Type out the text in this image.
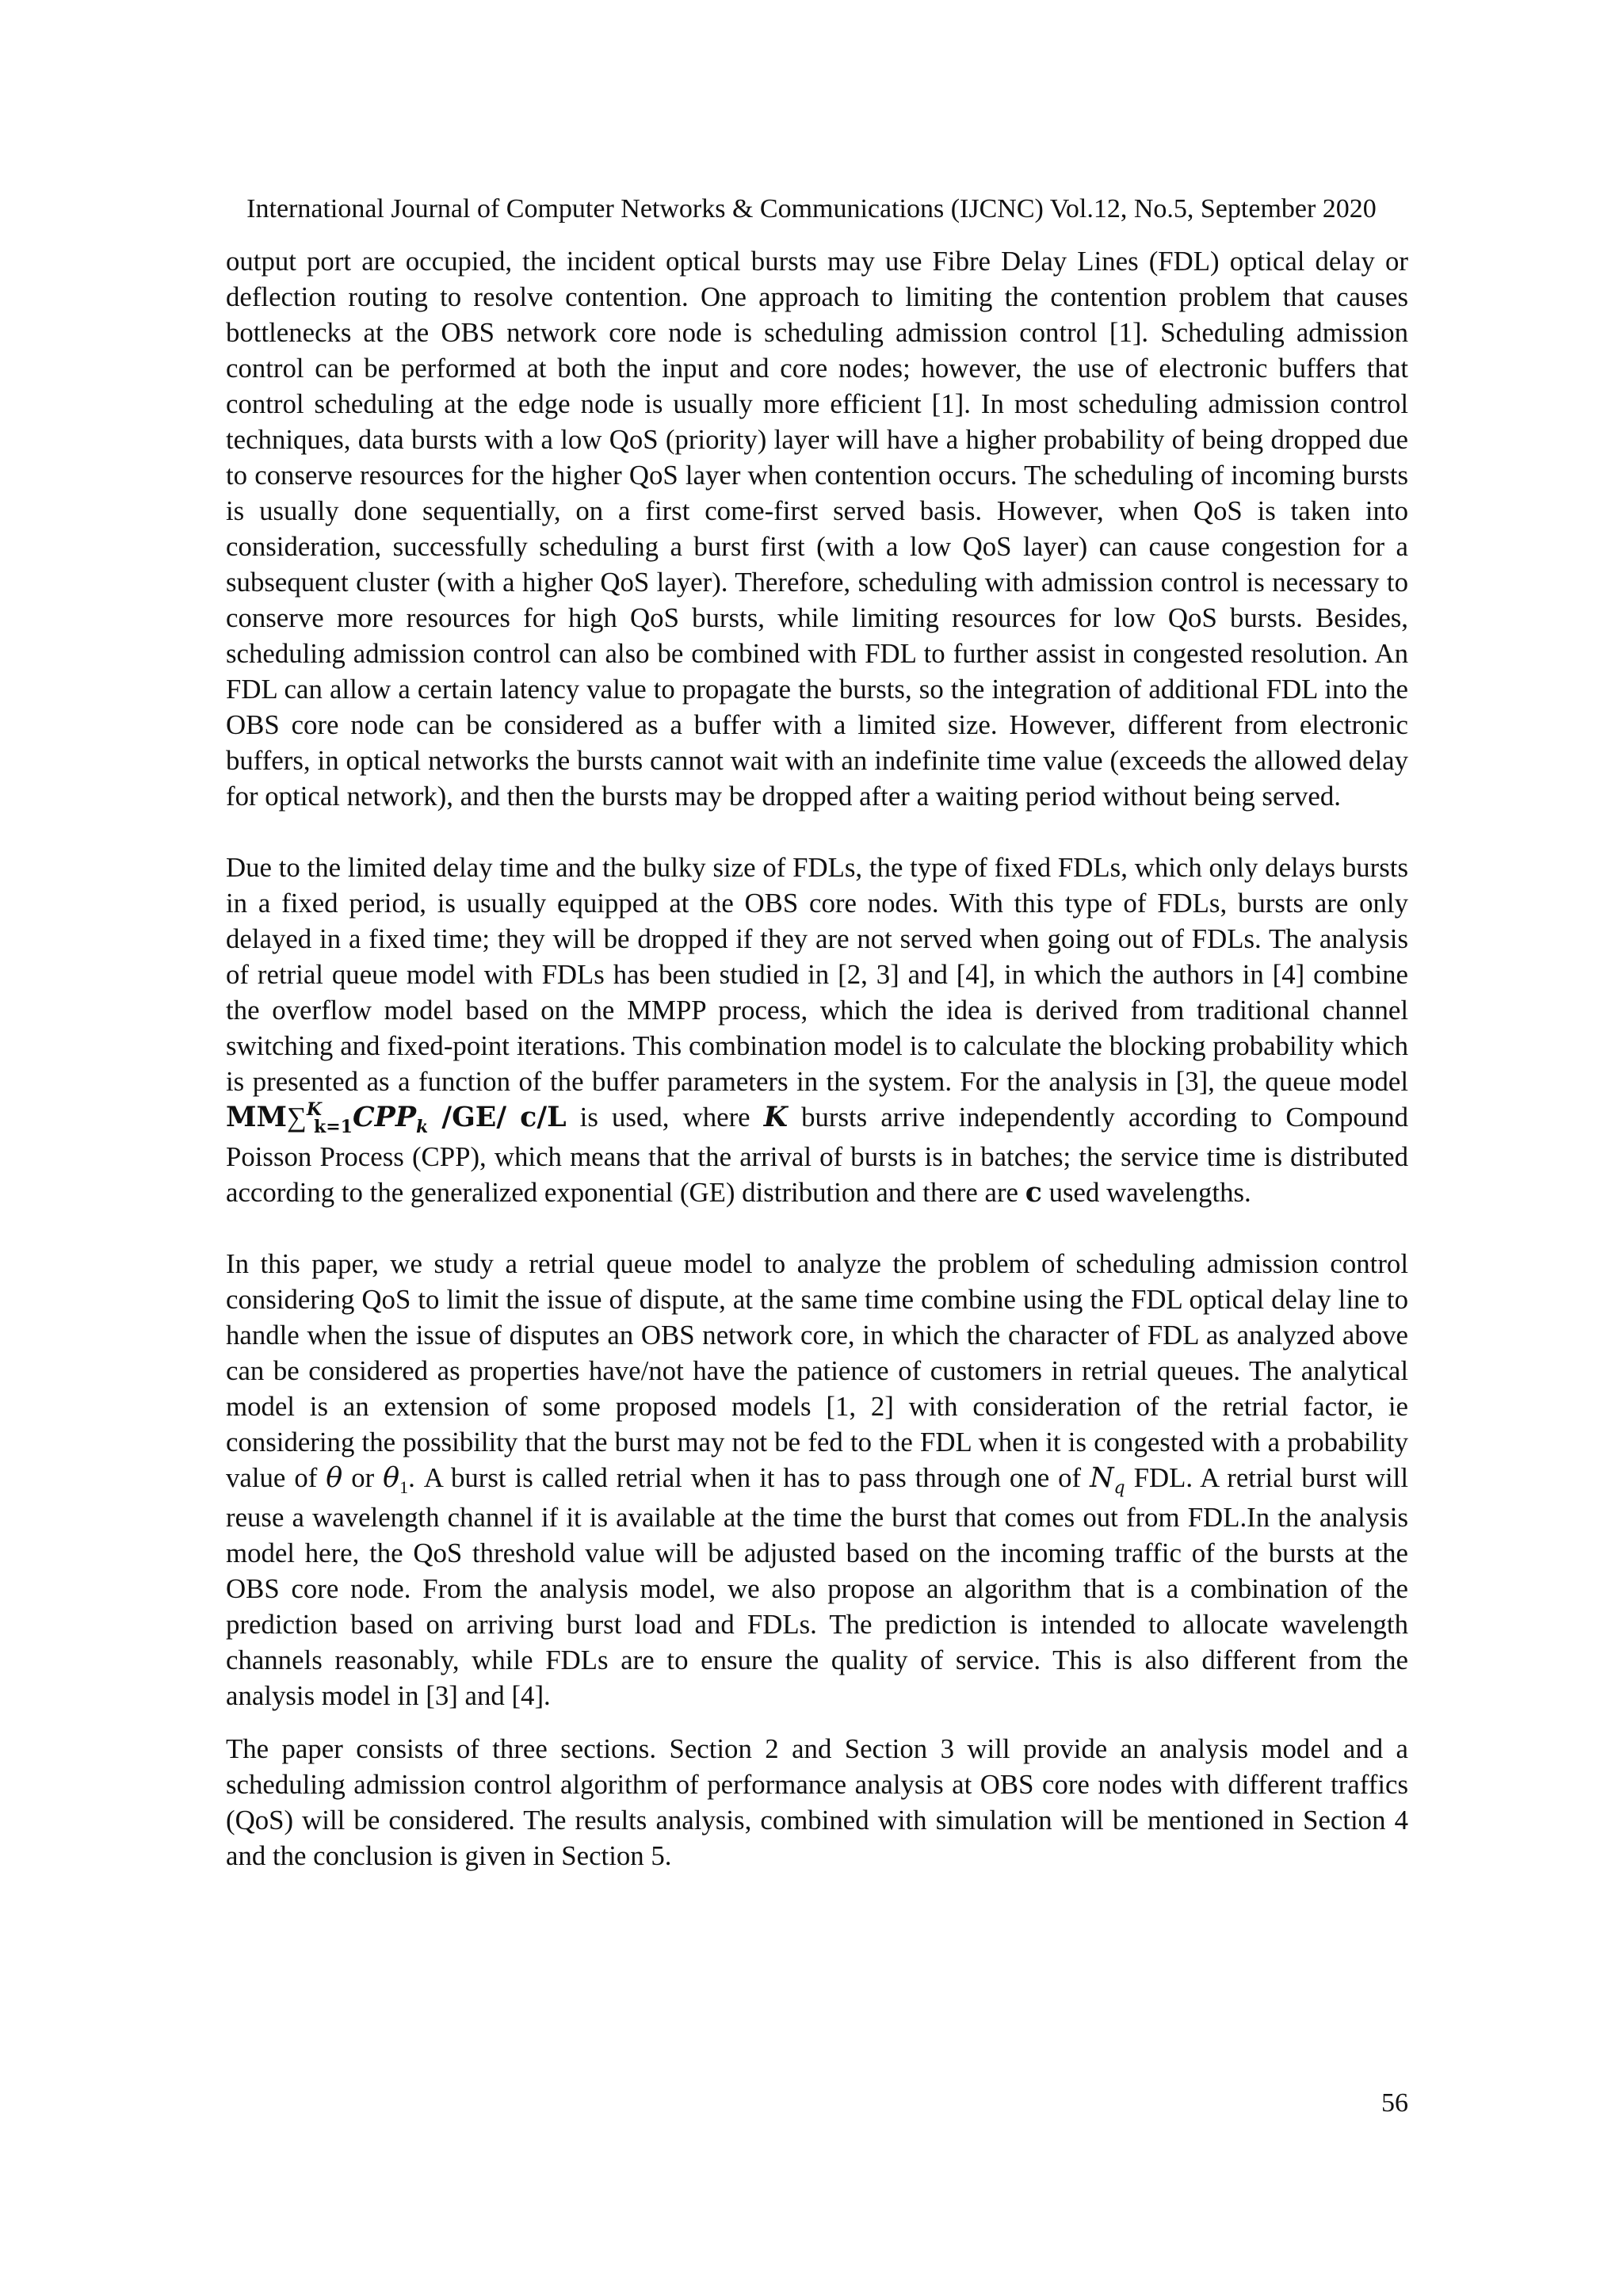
International Journal of Computer Networks & Communications (IJCNC) Vol.12, No.5, September 2020

output port are occupied, the incident optical bursts may use Fibre Delay Lines (FDL) optical delay or deflection routing to resolve contention. One approach to limiting the contention problem that causes bottlenecks at the OBS network core node is scheduling admission control [1]. Scheduling admission control can be performed at both the input and core nodes; however, the use of electronic buffers that control scheduling at the edge node is usually more efficient [1]. In most scheduling admission control techniques, data bursts with a low QoS (priority) layer will have a higher probability of being dropped due to conserve resources for the higher QoS layer when contention occurs. The scheduling of incoming bursts is usually done sequentially, on a first come-first served basis. However, when QoS is taken into consideration, successfully scheduling a burst first (with a low QoS layer) can cause congestion for a subsequent cluster (with a higher QoS layer). Therefore, scheduling with admission control is necessary to conserve more resources for high QoS bursts, while limiting resources for low QoS bursts. Besides, scheduling admission control can also be combined with FDL to further assist in congested resolution. An FDL can allow a certain latency value to propagate the bursts, so the integration of additional FDL into the OBS core node can be considered as a buffer with a limited size. However, different from electronic buffers, in optical networks the bursts cannot wait with an indefinite time value (exceeds the allowed delay for optical network), and then the bursts may be dropped after a waiting period without being served.

Due to the limited delay time and the bulky size of FDLs, the type of fixed FDLs, which only delays bursts in a fixed period, is usually equipped at the OBS core nodes. With this type of FDLs, bursts are only delayed in a fixed time; they will be dropped if they are not served when going out of FDLs. The analysis of retrial queue model with FDLs has been studied in [2, 3] and [4], in which the authors in [4] combine the overflow model based on the MMPP process, which the idea is derived from traditional channel switching and fixed-point iterations. This combination model is to calculate the blocking probability which is presented as a function of the buffer parameters in the system. For the analysis in [3], the queue model $MM\sum^K_{k=1}CPP_k$ /GE/ c/L is used, where K bursts arrive independently according to Compound Poisson Process (CPP), which means that the arrival of bursts is in batches; the service time is distributed according to the generalized exponential (GE) distribution and there are c used wavelengths.

In this paper, we study a retrial queue model to analyze the problem of scheduling admission control considering QoS to limit the issue of dispute, at the same time combine using the FDL optical delay line to handle when the issue of disputes an OBS network core, in which the character of FDL as analyzed above can be considered as properties have/not have the patience of customers in retrial queues. The analytical model is an extension of some proposed models [1, 2] with consideration of the retrial factor, ie considering the possibility that the burst may not be fed to the FDL when it is congested with a probability value of θ or $\theta_1$. A burst is called retrial when it has to pass through one of $N_q$ FDL. A retrial burst will reuse a wavelength channel if it is available at the time the burst that comes out from FDL.In the analysis model here, the QoS threshold value will be adjusted based on the incoming traffic of the bursts at the OBS core node. From the analysis model, we also propose an algorithm that is a combination of the prediction based on arriving burst load and FDLs. The prediction is intended to allocate wavelength channels reasonably, while FDLs are to ensure the quality of service. This is also different from the analysis model in [3] and [4].

The paper consists of three sections. Section 2 and Section 3 will provide an analysis model and a scheduling admission control algorithm of performance analysis at OBS core nodes with different traffics (QoS) will be considered. The results analysis, combined with simulation will be mentioned in Section 4 and the conclusion is given in Section 5.

56
